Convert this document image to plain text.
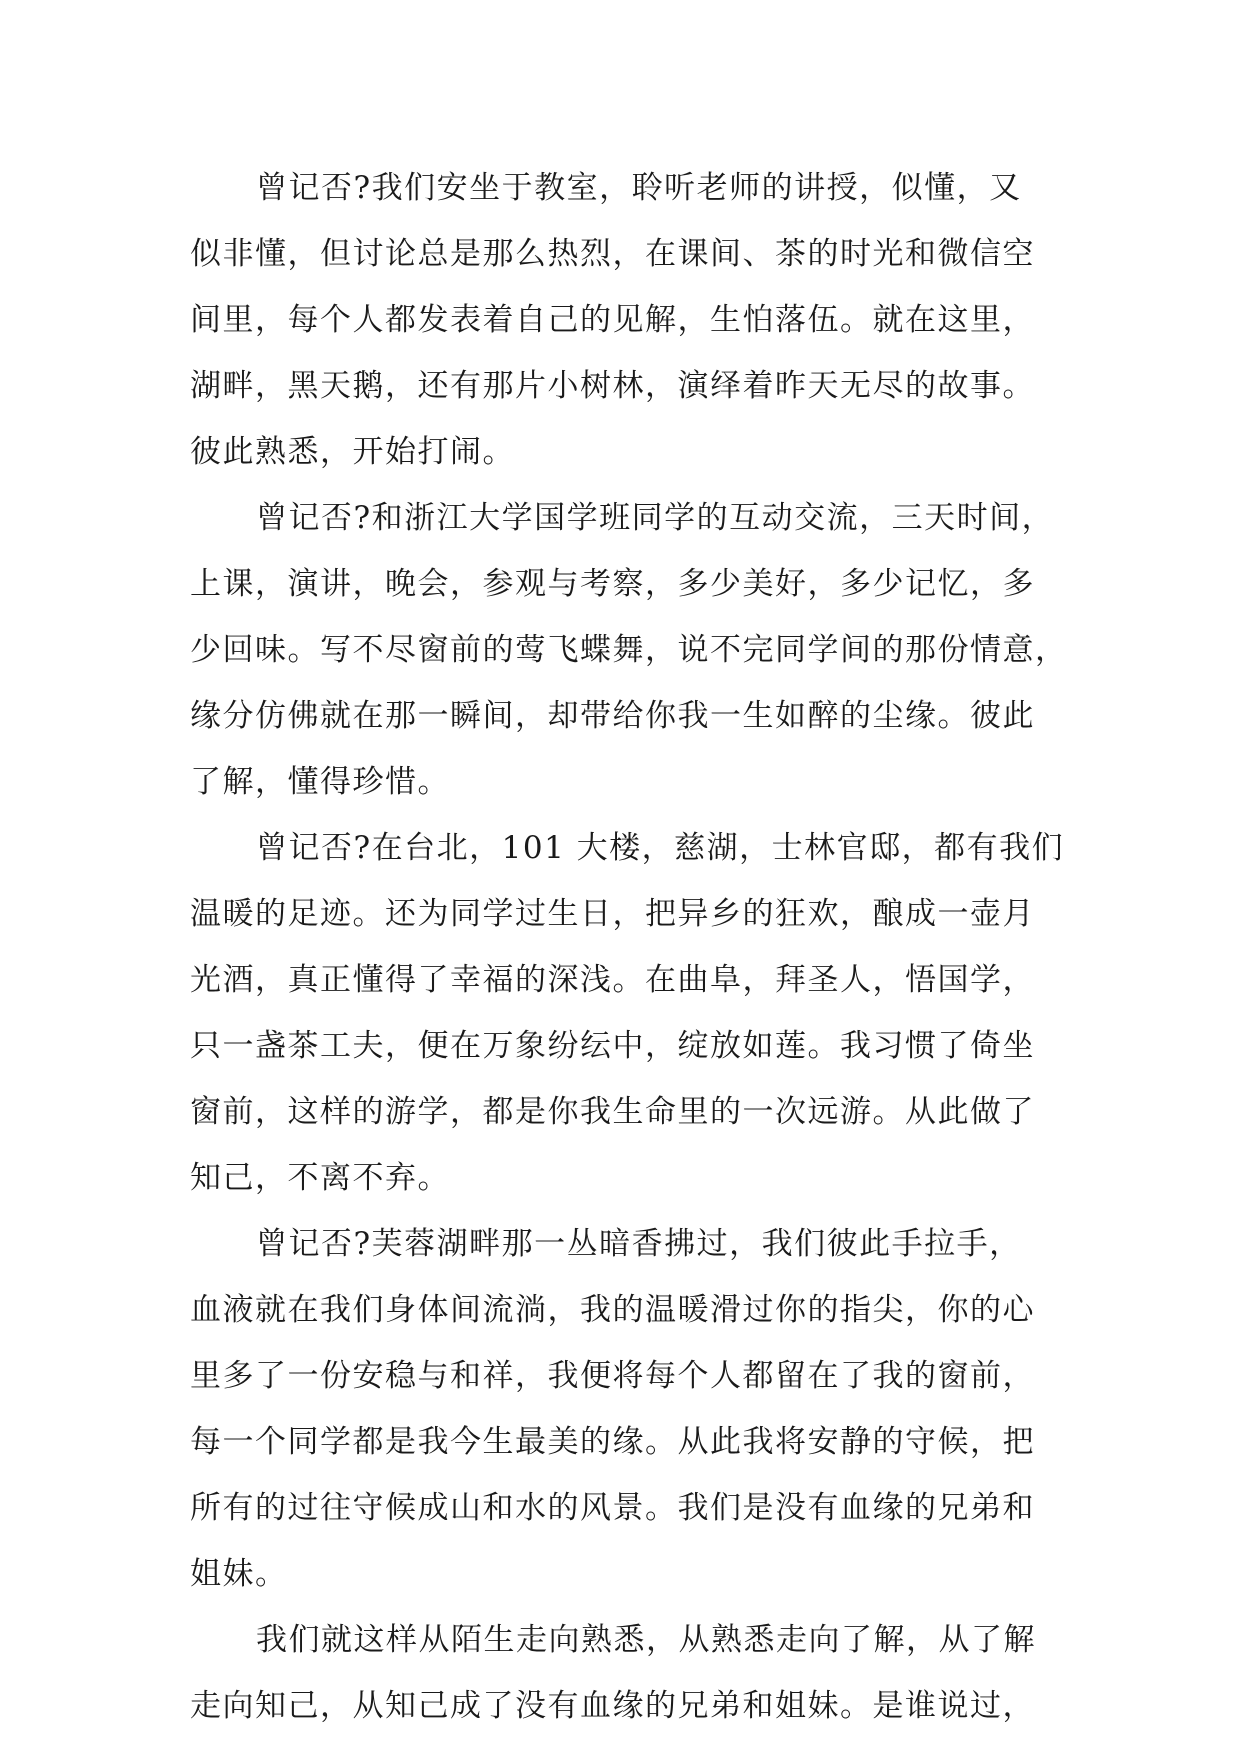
曾记否?我们安坐于教室，聆听老师的讲授，似懂，又
似非懂，但讨论总是那么热烈，在课间、茶的时光和微信空
间里，每个人都发表着自己的见解，生怕落伍。就在这里，
湖畔，黑天鹅，还有那片小树林，演绎着昨天无尽的故事。
彼此熟悉，开始打闹。
曾记否?和浙江大学国学班同学的互动交流，三天时间，
上课，演讲，晚会，参观与考察，多少美好，多少记忆，多
少回味。写不尽窗前的莺飞蝶舞，说不完同学间的那份情意，
缘分仿佛就在那一瞬间，却带给你我一生如醉的尘缘。彼此
了解，懂得珍惜。
曾记否?在台北，101 大楼，慈湖，士林官邸，都有我们
温暖的足迹。还为同学过生日，把异乡的狂欢，酿成一壶月
光酒，真正懂得了幸福的深浅。在曲阜，拜圣人，悟国学，
只一盏茶工夫，便在万象纷纭中，绽放如莲。我习惯了倚坐
窗前，这样的游学，都是你我生命里的一次远游。从此做了
知己，不离不弃。
曾记否?芙蓉湖畔那一丛暗香拂过，我们彼此手拉手，
血液就在我们身体间流淌，我的温暖滑过你的指尖，你的心
里多了一份安稳与和祥，我便将每个人都留在了我的窗前，
每一个同学都是我今生最美的缘。从此我将安静的守候，把
所有的过往守候成山和水的风景。我们是没有血缘的兄弟和
姐妹。
我们就这样从陌生走向熟悉，从熟悉走向了解，从了解
走向知己，从知己成了没有血缘的兄弟和姐妹。是谁说过，
